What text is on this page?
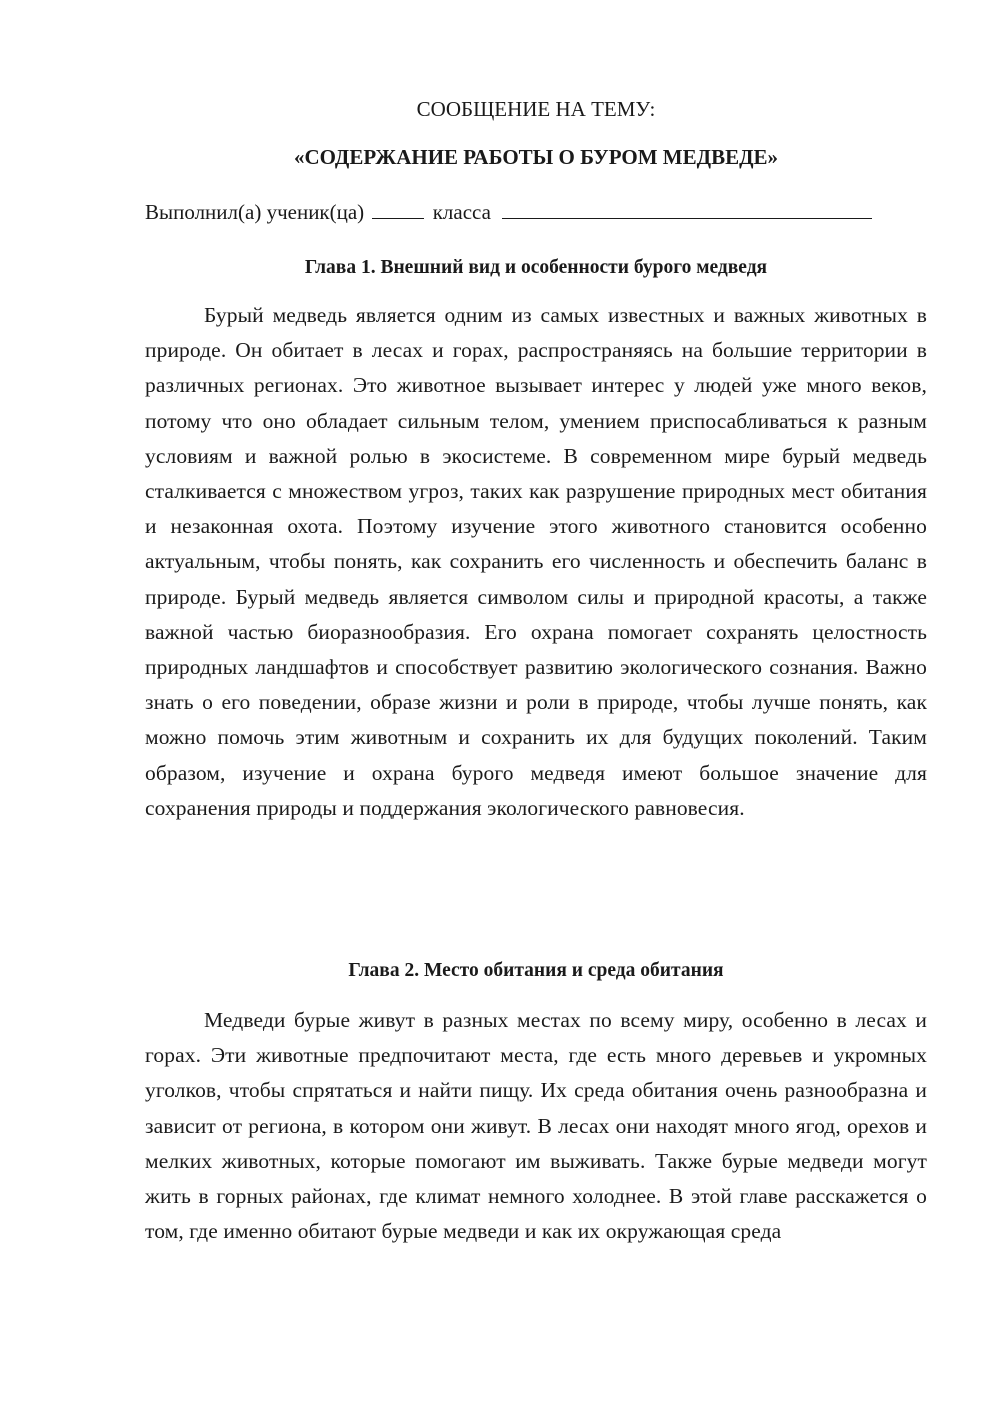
СООБЩЕНИЕ НА ТЕМУ:

«СОДЕРЖАНИЕ РАБОТЫ О БУРОМ МЕДВЕДЕ»

Выполнил(а) ученик(ца)	класса
Глава 1. Внешний вид и особенности бурого медведя

Бурый медведь является одним из самых известных и важных животных в природе. Он обитает в лесах и горах, распространяясь на большие территории в различных регионах. Это животное вызывает интерес у людей уже много веков, потому что оно обладает сильным телом, умением приспосабливаться к разным условиям и важной ролью в экосистеме. В современном мире бурый медведь сталкивается с множеством угроз, таких как разрушение природных мест обитания и незаконная охота. Поэтому изучение этого животного становится особенно актуальным, чтобы понять, как сохранить его численность и обеспечить баланс в природе. Бурый медведь является символом силы и природной красоты, а также важной частью биоразнообразия. Его охрана помогает сохранять целостность природных ландшафтов и способствует развитию экологического сознания. Важно знать о его поведении, образе жизни и роли в природе, чтобы лучше понять, как можно помочь этим животным и сохранить их для будущих поколений. Таким образом, изучение и охрана бурого медведя имеют большое значение для сохранения природы и поддержания экологического равновесия.

Глава 2. Место обитания и среда обитания

Медведи бурые живут в разных местах по всему миру, особенно в лесах и горах. Эти животные предпочитают места, где есть много деревьев и укромных уголков, чтобы спрятаться и найти пищу. Их среда обитания очень разнообразна и зависит от региона, в котором они живут. В лесах они находят много ягод, орехов и мелких животных, которые помогают им выживать. Также бурые медведи могут жить в горных районах, где климат немного холоднее. В этой главе расскажется о том, где именно обитают бурые медведи и как их окружающая среда
